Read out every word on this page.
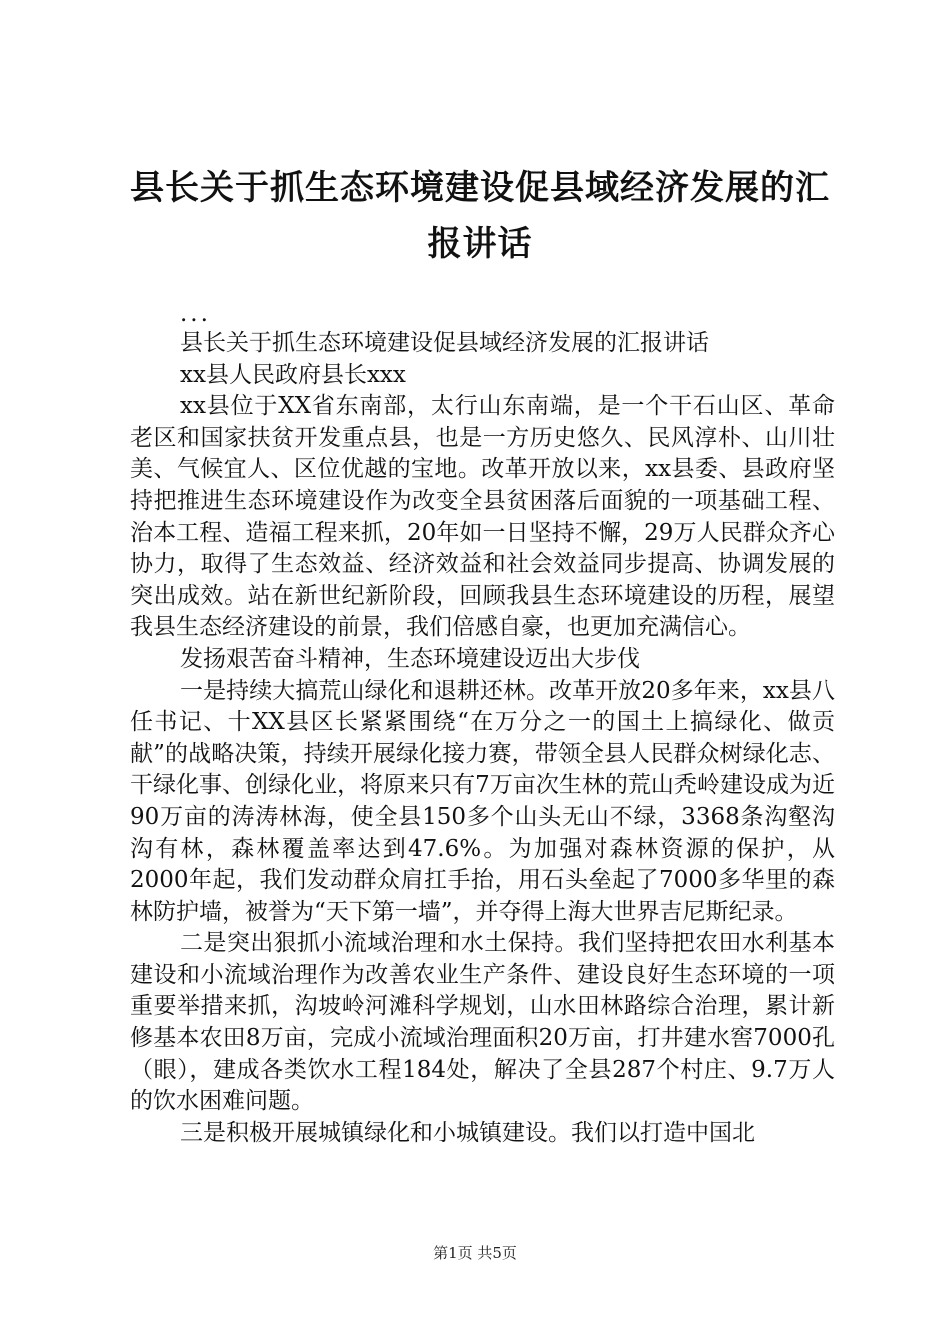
县长关于抓生态环境建设促县域经济发展的汇
报讲话

...

县长关于抓生态环境建设促县域经济发展的汇报讲话

xx县人民政府县长xxx

xx县位于XX省东南部，太行山东南端，是一个干石山区、革命老区和国家扶贫开发重点县，也是一方历史悠久、民风淳朴、山川壮美、气候宜人、区位优越的宝地。改革开放以来，xx县委、县政府坚持把推进生态环境建设作为改变全县贫困落后面貌的一项基础工程、治本工程、造福工程来抓，20年如一日坚持不懈，29万人民群众齐心协力，取得了生态效益、经济效益和社会效益同步提高、协调发展的突出成效。站在新世纪新阶段，回顾我县生态环境建设的历程，展望我县生态经济建设的前景，我们倍感自豪，也更加充满信心。

发扬艰苦奋斗精神，生态环境建设迈出大步伐

一是持续大搞荒山绿化和退耕还林。改革开放20多年来，xx县八任书记、十XX县区长紧紧围绕“在万分之一的国土上搞绿化、做贡献”的战略决策，持续开展绿化接力赛，带领全县人民群众树绿化志、干绿化事、创绿化业，将原来只有7万亩次生林的荒山秃岭建设成为近90万亩的涛涛林海，使全县150多个山头无山不绿，3368条沟壑沟沟有林，森林覆盖率达到47.6%。为加强对森林资源的保护，从2000年起，我们发动群众肩扛手抬，用石头垒起了7000多华里的森林防护墙，被誉为“天下第一墙”，并夺得上海大世界吉尼斯纪录。

二是突出狠抓小流域治理和水土保持。我们坚持把农田水利基本建设和小流域治理作为改善农业生产条件、建设良好生态环境的一项重要举措来抓，沟坡岭河滩科学规划，山水田林路综合治理，累计新修基本农田8万亩，完成小流域治理面积20万亩，打井建水窖7000孔（眼），建成各类饮水工程184处，解决了全县287个村庄、9.7万人的饮水困难问题。

三是积极开展城镇绿化和小城镇建设。我们以打造中国北

第1页 共5页
